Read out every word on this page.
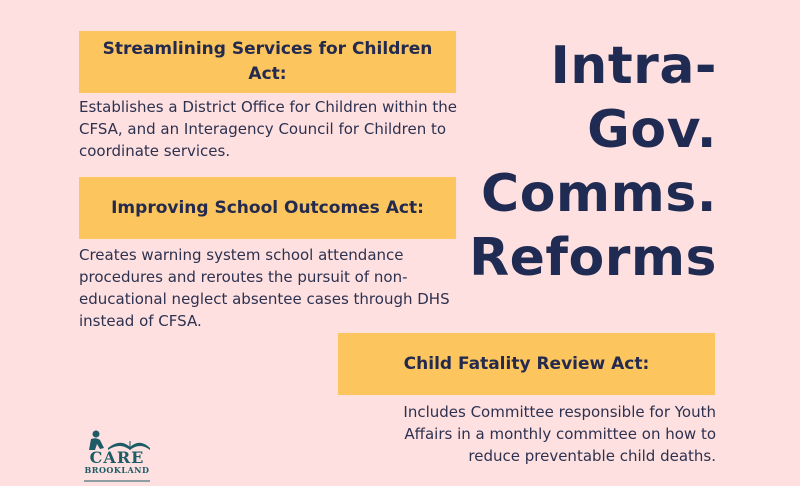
Streamlining Services for Children Act:
Establishes a District Office for Children within the CFSA, and an Interagency Council for Children to coordinate services.
Improving School Outcomes Act:
Creates warning system school attendance procedures and reroutes the pursuit of non-educational neglect absentee cases through DHS instead of CFSA.
Child Fatality Review Act:
Includes Committee responsible for Youth Affairs in a monthly committee on how to reduce preventable child deaths.
Intra-
Gov.
Comms.
Reforms
CARE
BROOKLAND
